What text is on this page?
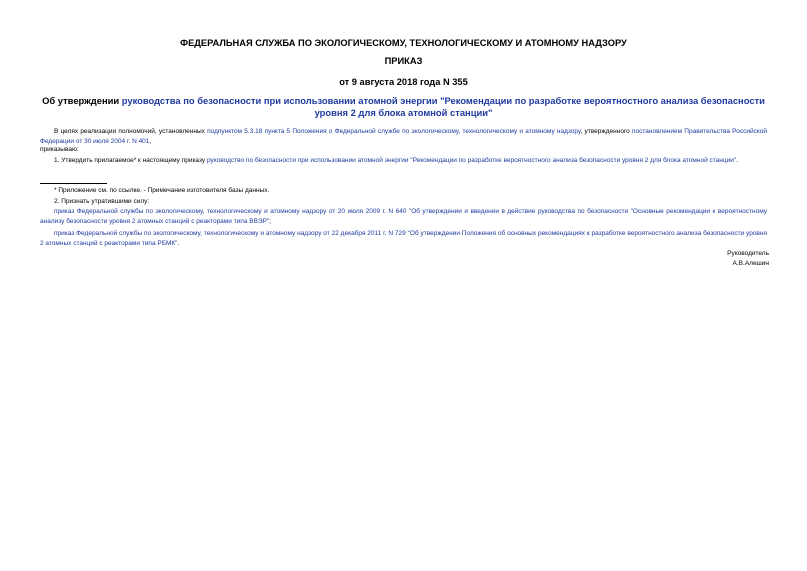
ФЕДЕРАЛЬНАЯ СЛУЖБА ПО ЭКОЛОГИЧЕСКОМУ, ТЕХНОЛОГИЧЕСКОМУ И АТОМНОМУ НАДЗОРУ
ПРИКАЗ
от 9 августа 2018 года N 355
Об утверждении руководства по безопасности при использовании атомной энергии "Рекомендации по разработке вероятностного анализа безопасности уровня 2 для блока атомной станции"
В целях реализации полномочий, установленных подпунктом 5.3.18 пункта 5 Положения о Федеральной службе по экологическому, технологическому и атомному надзору, утвержденного постановлением Правительства Российской Федерации от 30 июля 2004 г. N 401,
приказываю:
1. Утвердить прилагаемое* к настоящему приказу руководство по безопасности при использовании атомной энергии "Рекомендации по разработке вероятностного анализа безопасности уровня 2 для блока атомной станции".
* Приложение см. по ссылке. - Примечание изготовителя базы данных.
2. Признать утратившими силу:
приказ Федеральной службы по экологическому, технологическому и атомному надзору от 20 июля 2009 г. N 640 "Об утверждении и введении в действие руководства по безопасности "Основные рекомендации к вероятностному анализу безопасности уровня 2 атомных станций с реакторами типа ВВЭР";
приказ Федеральной службы по экологическому, технологическому и атомному надзору от 22 декабря 2011 г. N 729 "Об утверждении Положения об основных рекомендациях к разработке вероятностного анализа безопасности уровня 2 атомных станций с реакторами типа РБМК".
Руководитель
А.В.Алешин
